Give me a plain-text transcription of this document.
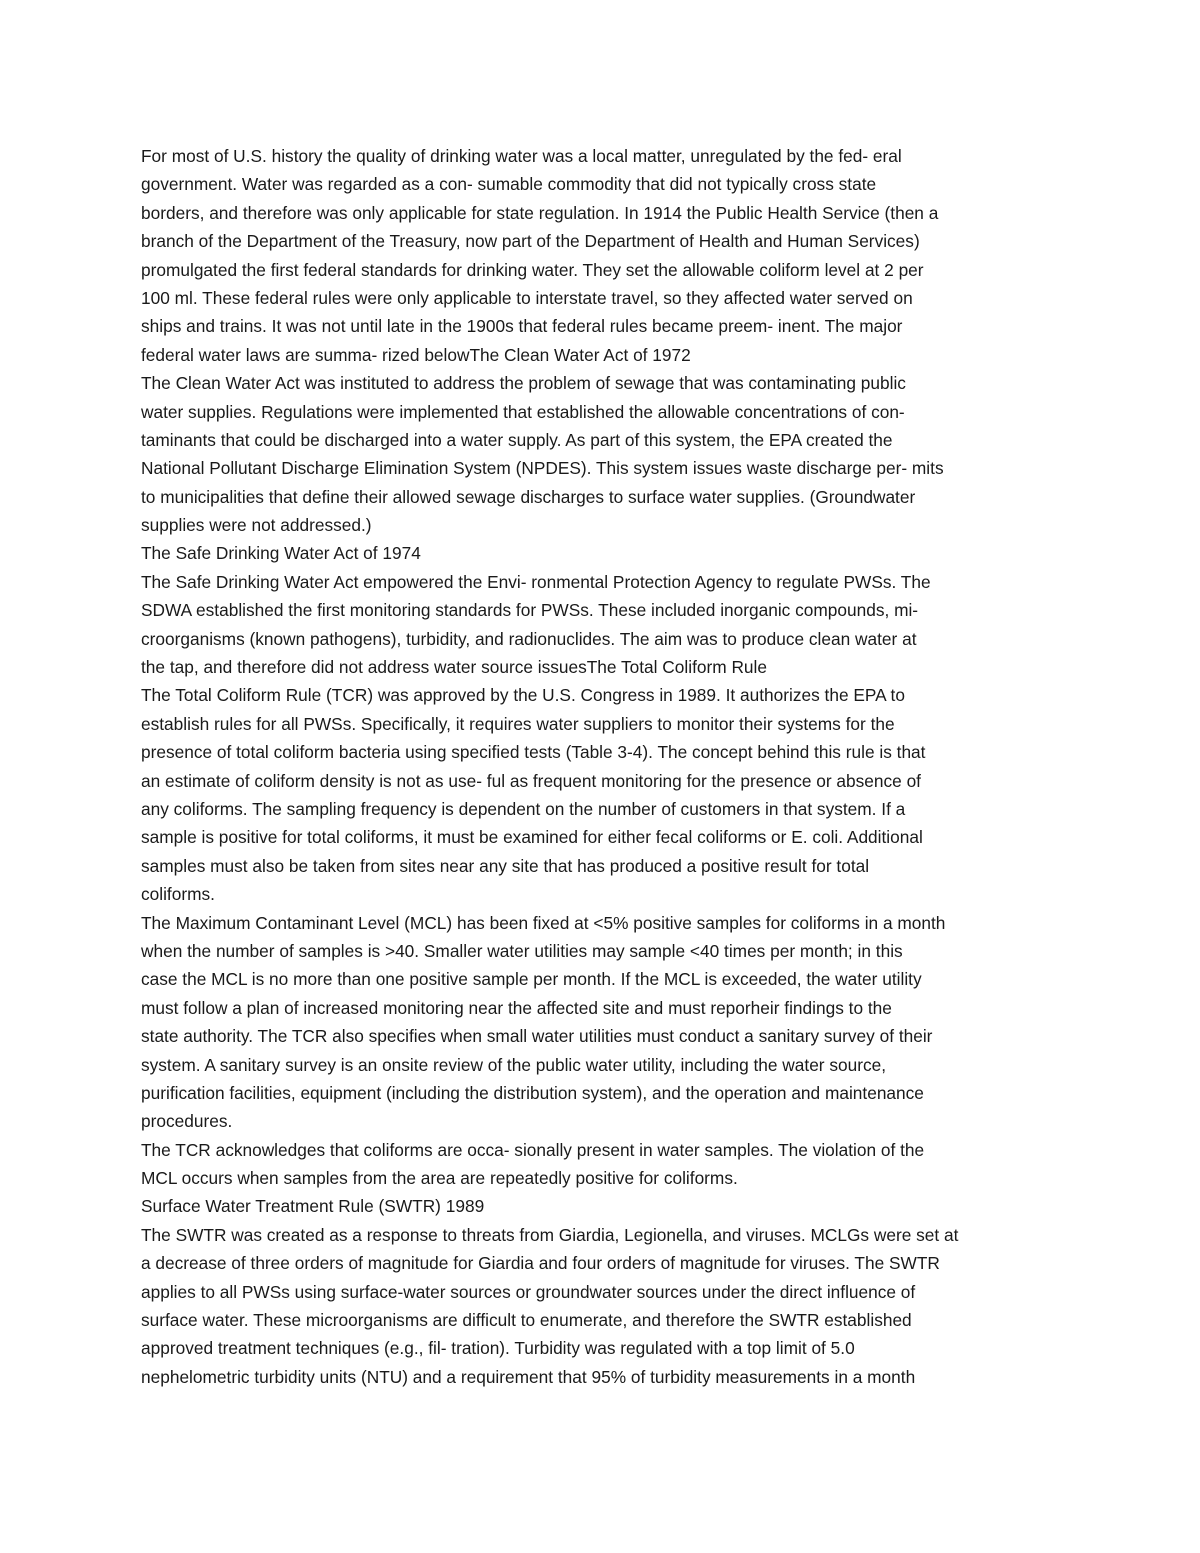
For most of U.S. history the quality of drinking water was a local matter, unregulated by the fed- eral
government. Water was regarded as a con- sumable commodity that did not typically cross state
borders, and therefore was only applicable for state regulation. In 1914 the Public Health Service (then a
branch of the Department of the Treasury, now part of the Department of Health and Human Services)
promulgated the first federal standards for drinking water. They set the allowable coliform level at 2 per
100 ml. These federal rules were only applicable to interstate travel, so they affected water served on
ships and trains. It was not until late in the 1900s that federal rules became preem- inent. The major
federal water laws are summa- rized belowThe Clean Water Act of 1972
The Clean Water Act was instituted to address the problem of sewage that was contaminating public
water supplies. Regulations were implemented that established the allowable concentrations of con-
taminants that could be discharged into a water supply. As part of this system, the EPA created the
National Pollutant Discharge Elimination System (NPDES). This system issues waste discharge per- mits
to municipalities that define their allowed sewage discharges to surface water supplies. (Groundwater
supplies were not addressed.)
The Safe Drinking Water Act of 1974
The Safe Drinking Water Act empowered the Envi- ronmental Protection Agency to regulate PWSs. The
SDWA established the first monitoring standards for PWSs. These included inorganic compounds, mi-
croorganisms (known pathogens), turbidity, and radionuclides. The aim was to produce clean water at
the tap, and therefore did not address water source issuesThe Total Coliform Rule
The Total Coliform Rule (TCR) was approved by the U.S. Congress in 1989. It authorizes the EPA to
establish rules for all PWSs. Specifically, it requires water suppliers to monitor their systems for the
presence of total coliform bacteria using specified tests (Table 3-4). The concept behind this rule is that
an estimate of coliform density is not as use- ful as frequent monitoring for the presence or absence of
any coliforms. The sampling frequency is dependent on the number of customers in that system. If a
sample is positive for total coliforms, it must be examined for either fecal coliforms or E. coli. Additional
samples must also be taken from sites near any site that has produced a positive result for total
coliforms.
The Maximum Contaminant Level (MCL) has been fixed at <5% positive samples for coliforms in a month
when the number of samples is >40. Smaller water utilities may sample <40 times per month; in this
case the MCL is no more than one positive sample per month. If the MCL is exceeded, the water utility
must follow a plan of increased monitoring near the affected site and must reporheir findings to the
state authority. The TCR also specifies when small water utilities must conduct a sanitary survey of their
system. A sanitary survey is an onsite review of the public water utility, including the water source,
purification facilities, equipment (including the distribution system), and the operation and maintenance
procedures.
The TCR acknowledges that coliforms are occa- sionally present in water samples. The violation of the
MCL occurs when samples from the area are repeatedly positive for coliforms.
Surface Water Treatment Rule (SWTR) 1989
The SWTR was created as a response to threats from Giardia, Legionella, and viruses. MCLGs were set at
a decrease of three orders of magnitude for Giardia and four orders of magnitude for viruses. The SWTR
applies to all PWSs using surface-water sources or groundwater sources under the direct influence of
surface water. These microorganisms are difficult to enumerate, and therefore the SWTR established
approved treatment techniques (e.g., fil- tration). Turbidity was regulated with a top limit of 5.0
nephelometric turbidity units (NTU) and a requirement that 95% of turbidity measurements in a month
